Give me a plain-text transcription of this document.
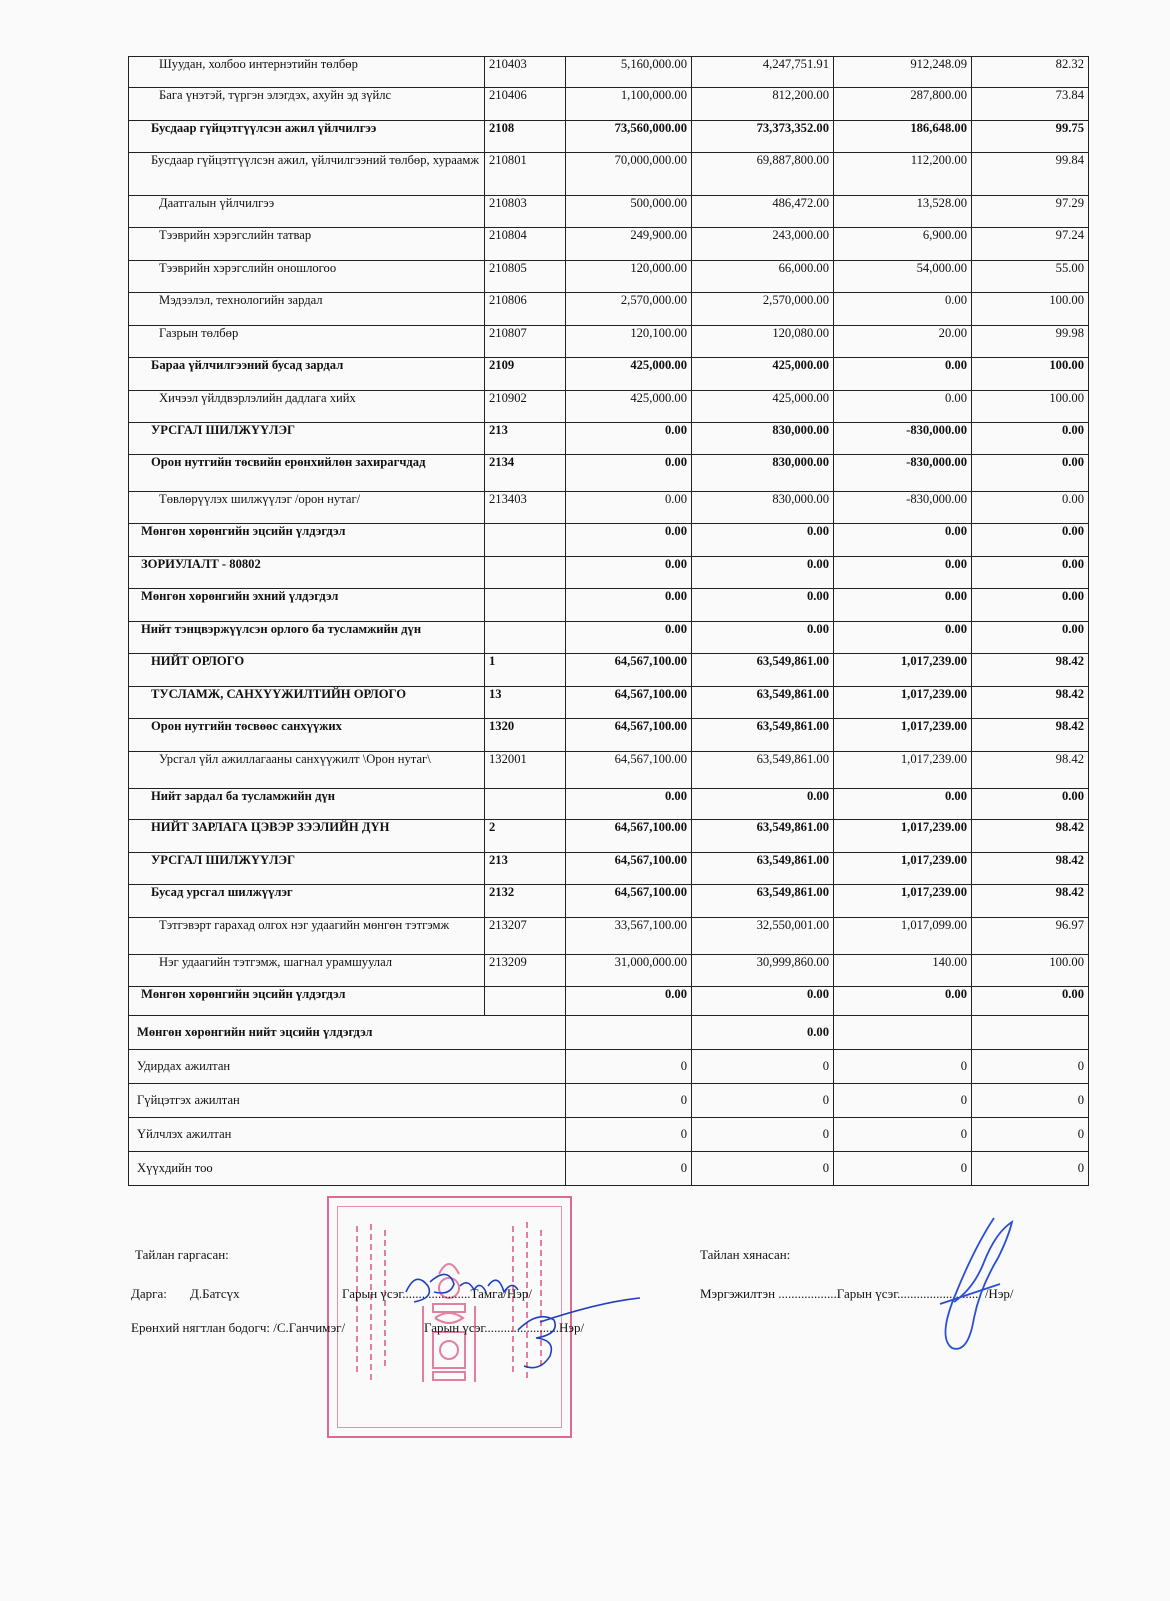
Шуудан, холбоо интернэтийн төлбөр	210403	5,160,000.00	4,247,751.91	912,248.09	82.32
Бага үнэтэй, түргэн элэгдэх, ахуйн эд зүйлс	210406	1,100,000.00	812,200.00	287,800.00	73.84
Бусдаар гүйцэтгүүлсэн ажил үйлчилгээ	2108	73,560,000.00	73,373,352.00	186,648.00	99.75
Бусдаар гүйцэтгүүлсэн ажил, үйлчилгээний төлбөр, хураамж	210801	70,000,000.00	69,887,800.00	112,200.00	99.84
Даатгалын үйлчилгээ	210803	500,000.00	486,472.00	13,528.00	97.29
Тээврийн хэрэгслийн татвар	210804	249,900.00	243,000.00	6,900.00	97.24
Тээврийн хэрэгслийн оношлогоо	210805	120,000.00	66,000.00	54,000.00	55.00
Мэдээлэл, технологийн зардал	210806	2,570,000.00	2,570,000.00	0.00	100.00
Газрын төлбөр	210807	120,100.00	120,080.00	20.00	99.98
Бараа үйлчилгээний бусад зардал	2109	425,000.00	425,000.00	0.00	100.00
Хичээл үйлдвэрлэлийн дадлага хийх	210902	425,000.00	425,000.00	0.00	100.00
УРСГАЛ ШИЛЖҮҮЛЭГ	213	0.00	830,000.00	-830,000.00	0.00
Орон нутгийн төсвийн ерөнхийлөн захирагчдад	2134	0.00	830,000.00	-830,000.00	0.00
Төвлөрүүлэх шилжүүлэг /орон нутаг/	213403	0.00	830,000.00	-830,000.00	0.00
Мөнгөн хөрөнгийн эцсийн үлдэгдэл		0.00	0.00	0.00	0.00
ЗОРИУЛАЛТ - 80802		0.00	0.00	0.00	0.00
Мөнгөн хөрөнгийн эхний үлдэгдэл		0.00	0.00	0.00	0.00
Нийт тэнцвэржүүлсэн орлого ба тусламжийн дүн		0.00	0.00	0.00	0.00
НИЙТ ОРЛОГО	1	64,567,100.00	63,549,861.00	1,017,239.00	98.42
ТУСЛАМЖ, САНХҮҮЖИЛТИЙН ОРЛОГО	13	64,567,100.00	63,549,861.00	1,017,239.00	98.42
Орон нутгийн төсвөөс санхүүжих	1320	64,567,100.00	63,549,861.00	1,017,239.00	98.42
Урсгал үйл ажиллагааны санхүүжилт \Орон нутаг\	132001	64,567,100.00	63,549,861.00	1,017,239.00	98.42
Нийт зардал ба тусламжийн дүн		0.00	0.00	0.00	0.00
НИЙТ ЗАРЛАГА ЦЭВЭР ЗЭЭЛИЙН ДҮН	2	64,567,100.00	63,549,861.00	1,017,239.00	98.42
УРСГАЛ ШИЛЖҮҮЛЭГ	213	64,567,100.00	63,549,861.00	1,017,239.00	98.42
Бусад урсгал шилжүүлэг	2132	64,567,100.00	63,549,861.00	1,017,239.00	98.42
Тэтгэвэрт гарахад олгох нэг удаагийн мөнгөн тэтгэмж	213207	33,567,100.00	32,550,001.00	1,017,099.00	96.97
Нэг удаагийн тэтгэмж, шагнал урамшуулал	213209	31,000,000.00	30,999,860.00	140.00	100.00
Мөнгөн хөрөнгийн эцсийн үлдэгдэл		0.00	0.00	0.00	0.00
Мөнгөн хөрөнгийн нийт эцсийн үлдэгдэл		0.00		
Удирдах ажилтан	0	0	0	0
Гүйцэтгэх ажилтан	0	0	0	0
Үйлчлэх ажилтан	0	0	0	0
Хүүхдийн тоо	0	0	0	0
Тайлан гаргасан:	Тайлан хянасан:
Дарга: Д.Батсүх	Гарын үсэг.....................Тамга/Нэр/
Ерөнхий нягтлан бодогч: /С.Ганчимэг/	Гарын үсэг.......................Нэр/
Мэргэжилтэн ..................Гарын үсэг.......................... /Нэр/
